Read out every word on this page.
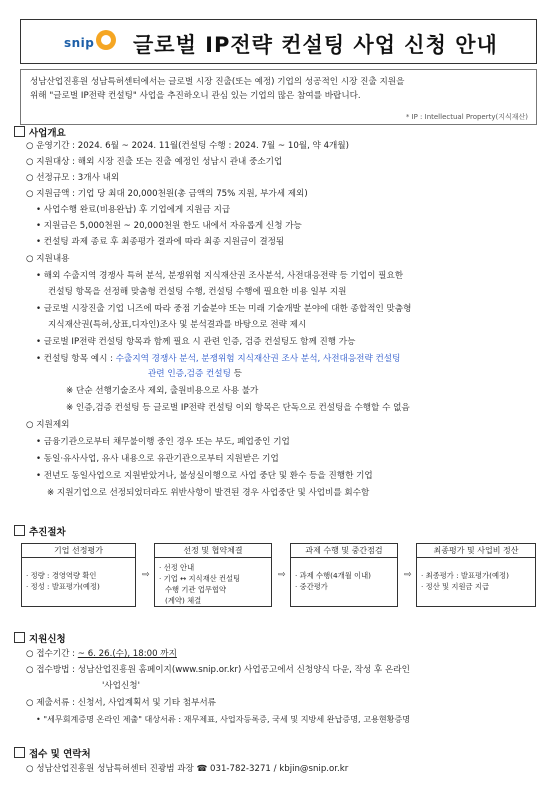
snip 글로벌 IP전략 컨설팅 사업 신청 안내
성남산업진흥원 성남특허센터에서는 글로벌 시장 진출(또는 예정) 기업의 성공적인 시장 진출 지원을
위해 "글로벌 IP전략 컨설팅" 사업을 추진하오니 관심 있는 기업의 많은 참여를 바랍니다.
* IP : Intellectual Property(지식재산)
사업개요
○ 운영기간 : 2024. 6월 ~ 2024. 11월(컨설팅 수행 : 2024. 7월 ~ 10월, 약 4개월)
○ 지원대상 : 해외 시장 진출 또는 진출 예정인 성남시 관내 중소기업
○ 선정규모 : 3개사 내외
○ 지원금액 : 기업 당 최대 20,000천원(총 금액의 75% 지원, 부가세 제외)
• 사업수행 완료(비용완납) 후 기업에게 지원금 지급
• 지원금은 5,000천원 ~ 20,000천원 한도 내에서 자유롭게 신청 가능
• 컨설팅 과제 종료 후 최종평가 결과에 따라 최종 지원금이 결정됨
○ 지원내용
• 해외 수출지역 경쟁사 특허 분석, 분쟁위험 지식재산권 조사분석, 사전대응전략 등 기업이 필요한
컨설팅 항목을 선정해 맞춤형 컨설팅 수행, 컨설팅 수행에 필요한 비용 일부 지원
• 글로벌 시장진출 기업 니즈에 따라 중점 기술분야 또는 미래 기술개발 분야에 대한 종합적인 맞춤형
지식재산권(특허,상표,디자인)조사 및 분석결과를 바탕으로 전략 제시
• 글로벌 IP전략 컨설팅 항목과 함께 필요 시 관련 인증, 검증 컨설팅도 함께 진행 가능
• 컨설팅 항목 예시 : 수출지역 경쟁사 분석, 분쟁위험 지식재산권 조사 분석, 사전대응전략 컨설팅
관련 인증,검증 컨설팅 등
※ 단순 선행기술조사 제외, 출원비용으로 사용 불가
※ 인증,검증 컨설팅 등 글로벌 IP전략 컨설팅 이외 항목은 단독으로 컨설팅을 수행할 수 없음
○ 지원제외
• 금융기관으로부터 채무불이행 중인 경우 또는 부도, 폐업중인 기업
• 동일·유사사업, 유사 내용으로 유관기관으로부터 지원받은 기업
• 전년도 동일사업으로 지원받았거나, 불성실이행으로 사업 중단 및 환수 등을 진행한 기업
※ 지원기업으로 선정되었더라도 위반사항이 발견된 경우 사업중단 및 사업비를 회수함
추진절차
기업 선정평가
· 정량 : 경영역량 확인
· 정성 : 발표평가(예정)
⇨
선정 및 협약체결
· 선정 안내
· 기업 ↔ 지식재산 컨설팅
수행 기관 업무협약
(계약) 체결
⇨
과제 수행 및 중간점검
· 과제 수행(4개월 이내)
· 중간평가
⇨
최종평가 및 사업비 정산
· 최종평가 : 발표평가(예정)
· 정산 및 지원금 지급
지원신청
○ 접수기간 : ~ 6. 26.(수), 18:00 까지
○ 접수방법 : 성남산업진흥원 홈페이지(www.snip.or.kr) 사업공고에서 신청양식 다운, 작성 후 온라인
'사업신청'
○ 제출서류 : 신청서, 사업계획서 및 기타 첨부서류
• "세무회계증명 온라인 제출" 대상서류 : 재무제표, 사업자등록증, 국세 및 지방세 완납증명, 고용현황증명
접수 및 연락처
○ 성남산업진흥원 성남특허센터 진광범 과장 ☎ 031-782-3271 / kbjin@snip.or.kr
